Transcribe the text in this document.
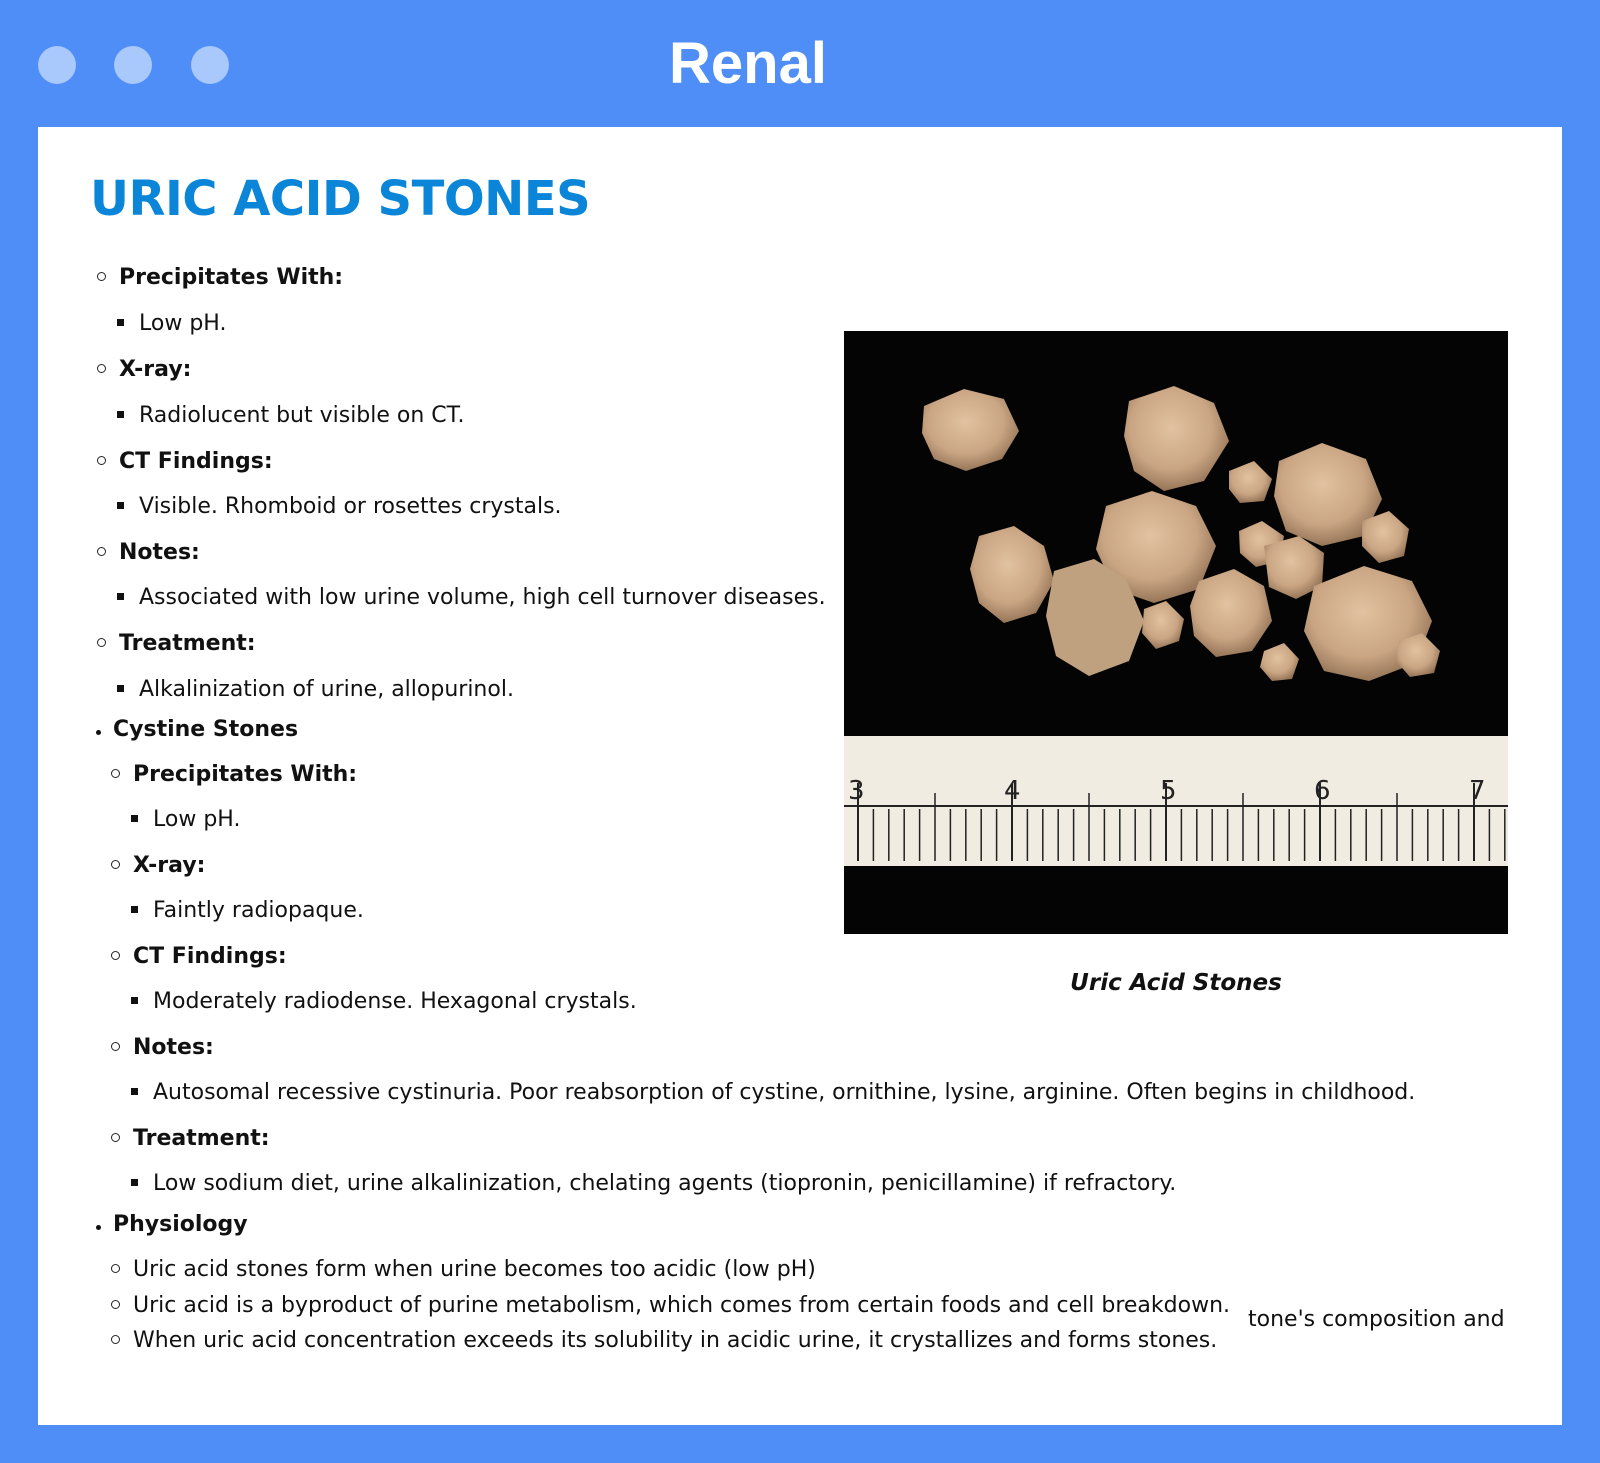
Renal
URIC ACID STONES
Precipitates With:
Low pH.
X-ray:
Radiolucent but visible on CT.
CT Findings:
Visible. Rhomboid or rosettes crystals.
Notes:
Associated with low urine volume, high cell turnover diseases.
Treatment:
Alkalinization of urine, allopurinol.
Cystine Stones
Precipitates With:
Low pH.
X-ray:
Faintly radiopaque.
CT Findings:
Moderately radiodense. Hexagonal crystals.
Notes:
Autosomal recessive cystinuria. Poor reabsorption of cystine, ornithine, lysine, arginine. Often begins in childhood.
Treatment:
Low sodium diet, urine alkalinization, chelating agents (tiopronin, penicillamine) if refractory.
Physiology
Uric acid stones form when urine becomes too acidic (low pH)
Uric acid is a byproduct of purine metabolism, which comes from certain foods and cell breakdown.
When uric acid concentration exceeds its solubility in acidic urine, it crystallizes and forms stones.
tone's composition and
3	4	5	6	7
Uric Acid Stones
